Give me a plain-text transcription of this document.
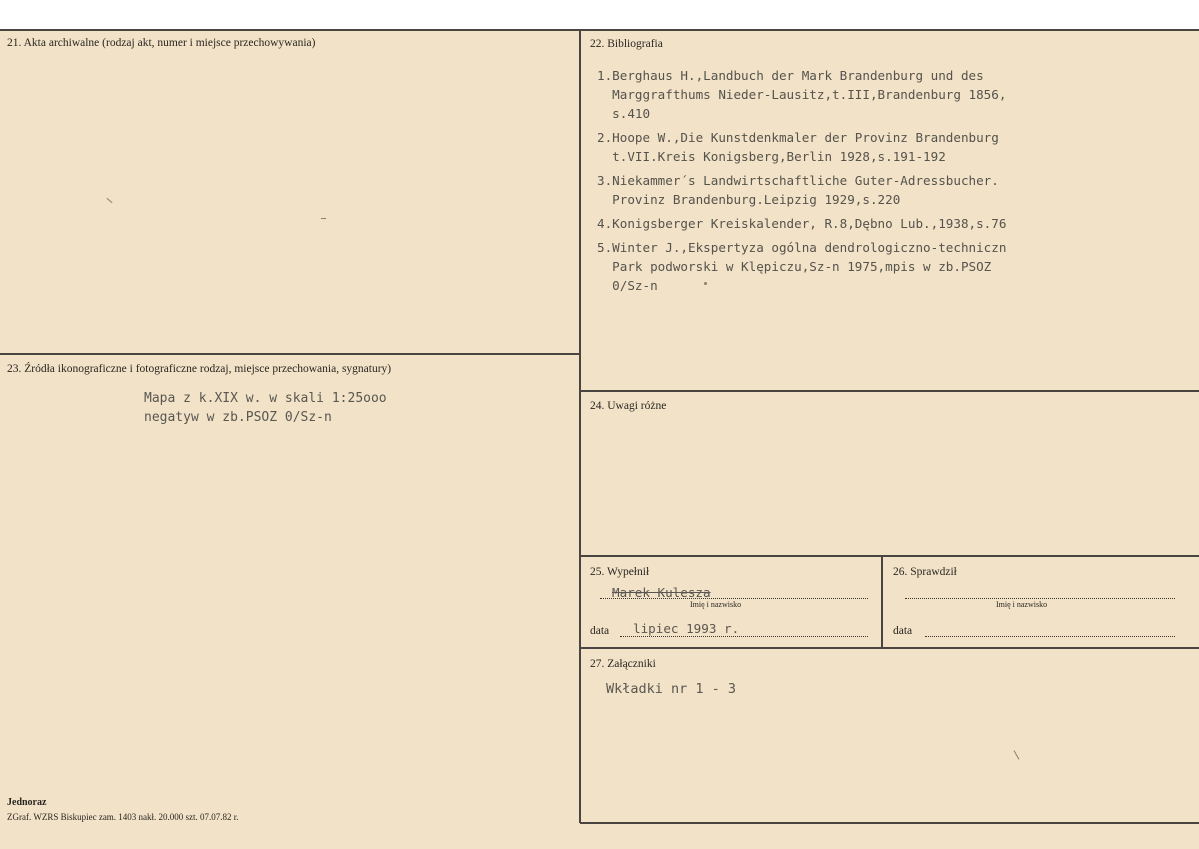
21. Akta archiwalne (rodzaj akt, numer i miejsce przechowywania)	22. Bibliografia
1.Berghaus H.,Landbuch der Mark Brandenburg und des
Marggrafthums Nieder-Lausitz,t.III,Brandenburg 1856,
s.410
2.Hoope W.,Die Kunstdenkmaler der Provinz Brandenburg
t.VII.Kreis Konigsberg,Berlin 1928,s.191-192
3.Niekammer´s Landwirtschaftliche Guter-Adressbucher.
Provinz Brandenburg.Leipzig 1929,s.220
4.Konigsberger Kreiskalender, R.8,Dębno Lub.,1938,s.76
5.Winter J.,Ekspertyza ogólna dendrologiczno-techniczn
Park podworski w Klępiczu,Sz-n 1975,mpis w zb.PSOZ
0/Sz-n
23. Źródła ikonograficzne i fotograficzne rodzaj, miejsce przechowania, sygnatury)
Mapa z k.XIX w. w skali 1:25ooo
negatyw w zb.PSOZ 0/Sz-n
24. Uwagi różne
25. Wypełnił
Marek Kulesza
Imię i nazwisko
data lipiec 1993 r.
26. Sprawdził
Imię i nazwisko
data
27. Załączniki
Wkładki nr 1 - 3
Jednoraz
ZGraf. WZRS Biskupiec zam. 1403 nakł. 20.000 szt. 07.07.82 r.
